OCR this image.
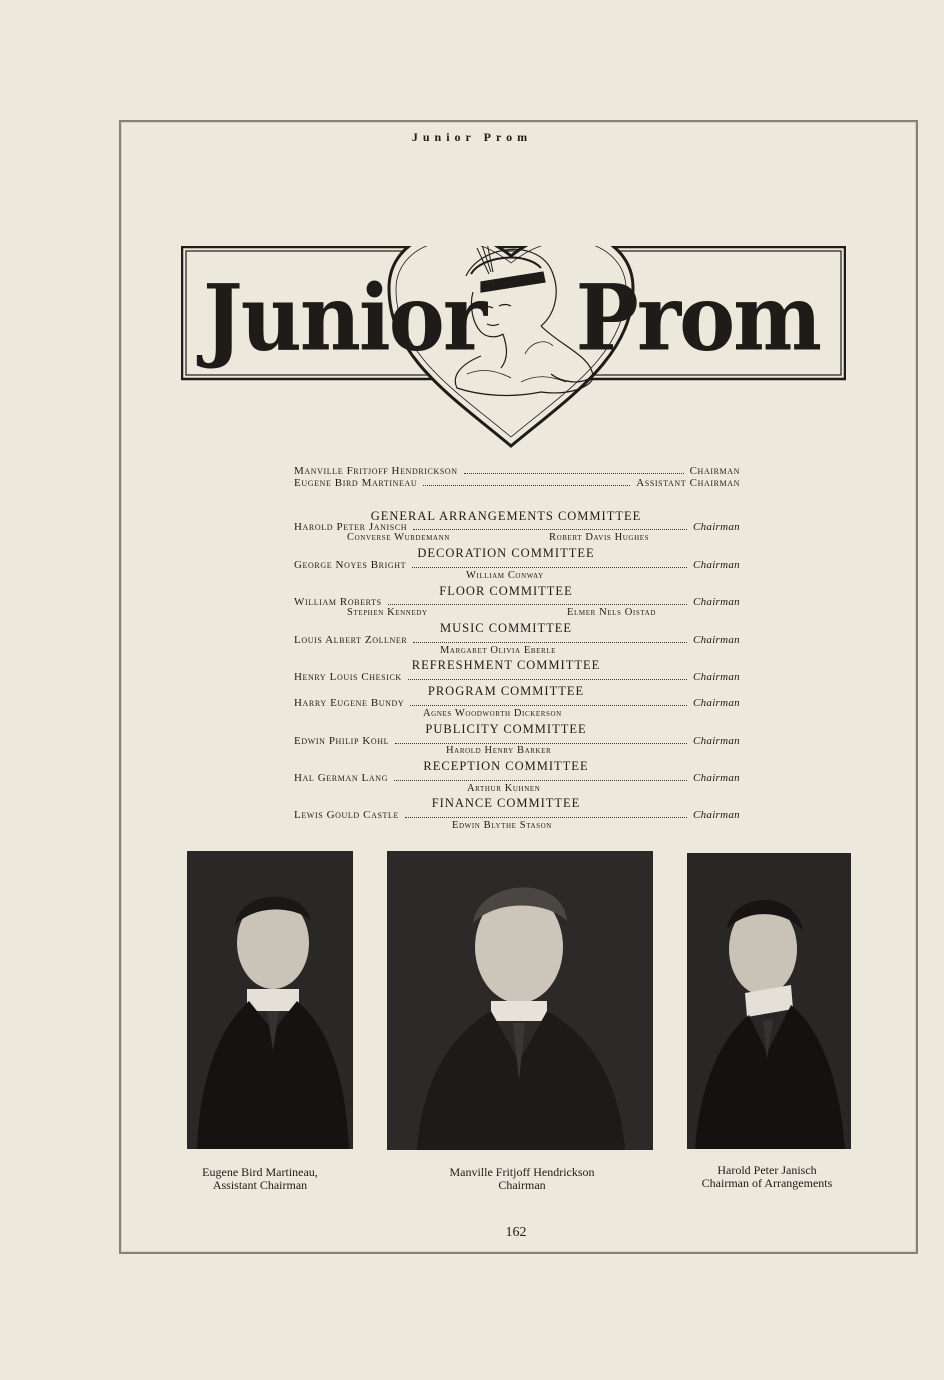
Junior Prom
Junior Prom
Manville Fritjoff Hendrickson	Chairman
Eugene Bird Martineau	Assistant Chairman
GENERAL ARRANGEMENTS COMMITTEE
Harold Peter Janisch	Chairman
Converse Wurdemann	Robert Davis Hughes
DECORATION COMMITTEE
George Noyes Bright	Chairman
William Conway
FLOOR COMMITTEE
William Roberts	Chairman
Stephen Kennedy	Elmer Nels Oistad
MUSIC COMMITTEE
Louis Albert Zollner	Chairman
Margaret Olivia Eberle
REFRESHMENT COMMITTEE
Henry Louis Chesick	Chairman
PROGRAM COMMITTEE
Harry Eugene Bundy	Chairman
Agnes Woodworth Dickerson
PUBLICITY COMMITTEE
Edwin Philip Kohl	Chairman
Harold Henry Barker
RECEPTION COMMITTEE
Hal German Lang	Chairman
Arthur Kuhnen
FINANCE COMMITTEE
Lewis Gould Castle	Chairman
Edwin Blythe Stason
Eugene Bird Martineau,
Assistant Chairman
Manville Fritjoff Hendrickson
Chairman
Harold Peter Janisch
Chairman of Arrangements
162
